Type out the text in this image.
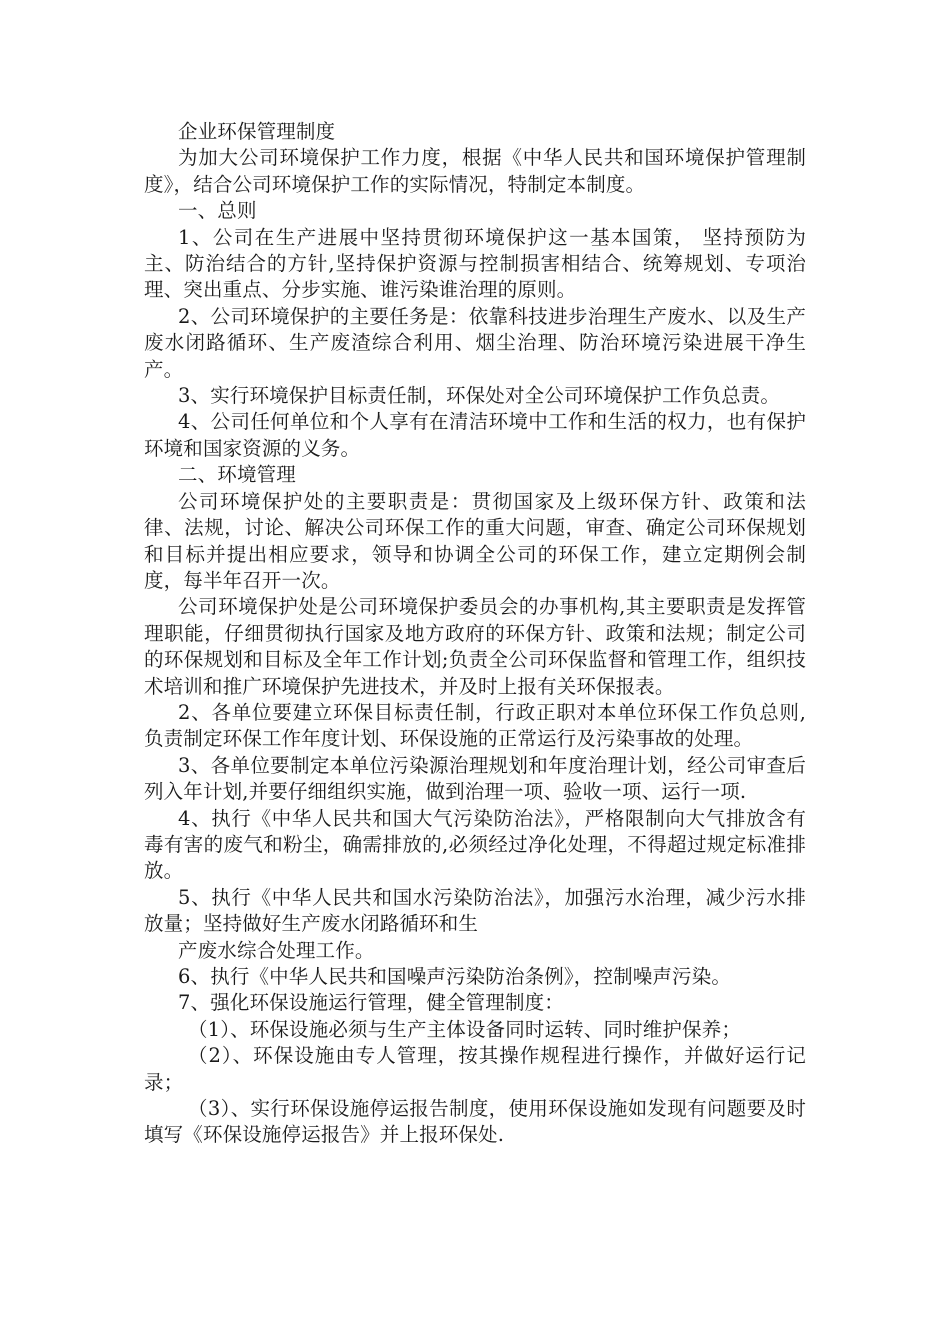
企业环保管理制度

为加大公司环境保护工作力度，根据《中华人民共和国环境保护管理制度》，结合公司环境保护工作的实际情况，特制定本制度。

一、总则

1、公司在生产进展中坚持贯彻环境保护这一基本国策， 坚持预防为主、防治结合的方针,坚持保护资源与控制损害相结合、统筹规划、专项治理、突出重点、分步实施、谁污染谁治理的原则。

2、公司环境保护的主要任务是：依靠科技进步治理生产废水、以及生产废水闭路循环、生产废渣综合利用、烟尘治理、防治环境污染进展干净生产。

3、实行环境保护目标责任制，环保处对全公司环境保护工作负总责。

4、公司任何单位和个人享有在清洁环境中工作和生活的权力，也有保护环境和国家资源的义务。

二、环境管理

公司环境保护处的主要职责是：贯彻国家及上级环保方针、政策和法律、法规，讨论、解决公司环保工作的重大问题，审查、确定公司环保规划和目标并提出相应要求，领导和协调全公司的环保工作，建立定期例会制度，每半年召开一次。

公司环境保护处是公司环境保护委员会的办事机构,其主要职责是发挥管理职能，仔细贯彻执行国家及地方政府的环保方针、政策和法规；制定公司的环保规划和目标及全年工作计划;负责全公司环保监督和管理工作，组织技术培训和推广环境保护先进技术，并及时上报有关环保报表。

2、各单位要建立环保目标责任制，行政正职对本单位环保工作负总则,负责制定环保工作年度计划、环保设施的正常运行及污染事故的处理。

3、各单位要制定本单位污染源治理规划和年度治理计划，经公司审查后列入年计划,并要仔细组织实施，做到治理一项、验收一项、运行一项.

4、执行《中华人民共和国大气污染防治法》，严格限制向大气排放含有毒有害的废气和粉尘，确需排放的,必须经过净化处理，不得超过规定标准排放。

5、执行《中华人民共和国水污染防治法》，加强污水治理，减少污水排放量；坚持做好生产废水闭路循环和生

产废水综合处理工作。

6、执行《中华人民共和国噪声污染防治条例》，控制噪声污染。

7、强化环保设施运行管理，健全管理制度：

（1）、环保设施必须与生产主体设备同时运转、同时维护保养；

（2）、环保设施由专人管理，按其操作规程进行操作，并做好运行记录；

（3）、实行环保设施停运报告制度，使用环保设施如发现有问题要及时填写《环保设施停运报告》并上报环保处.
